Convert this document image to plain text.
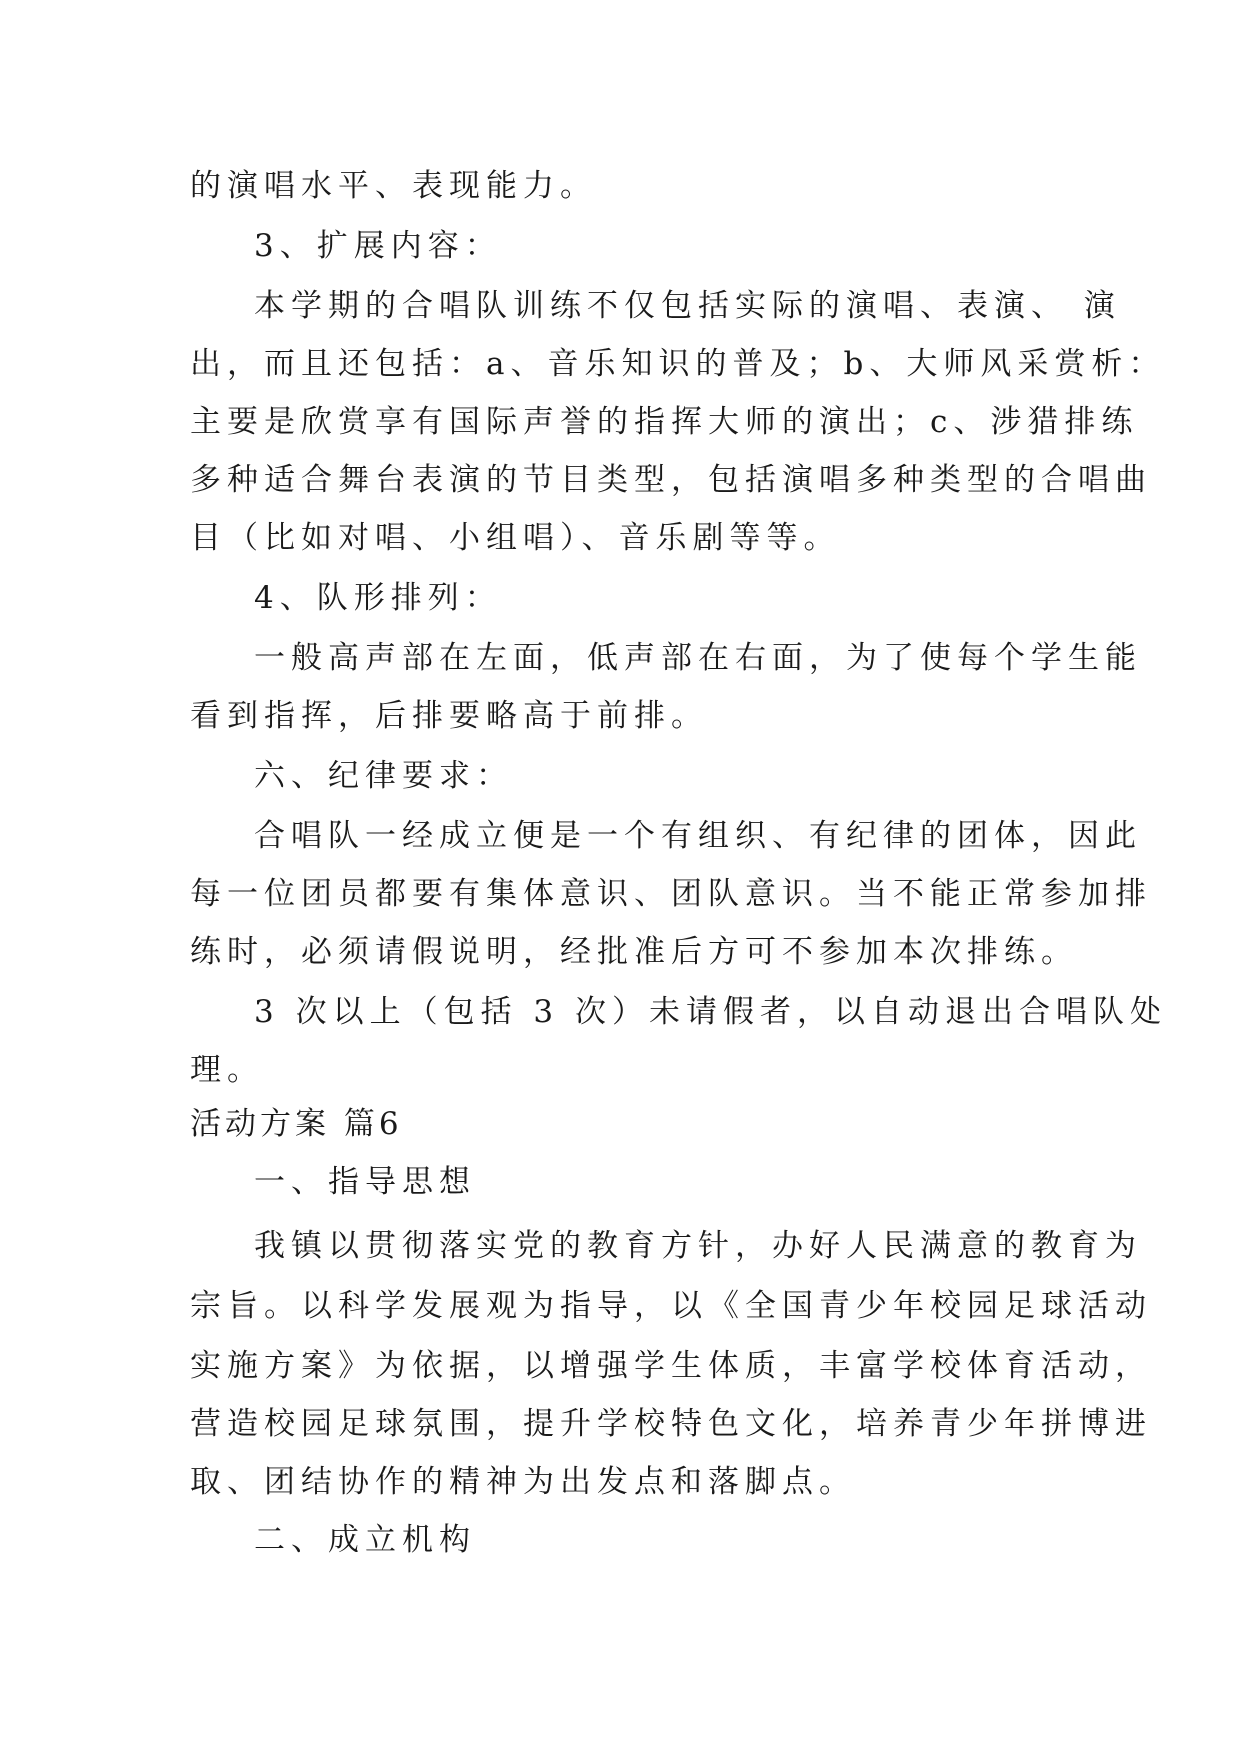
的演唱水平、表现能力。
3、扩展内容：
本学期的合唱队训练不仅包括实际的演唱、表演、 演
出，而且还包括：a、音乐知识的普及；b、大师风采赏析：
主要是欣赏享有国际声誉的指挥大师的演出；c、涉猎排练
多种适合舞台表演的节目类型，包括演唱多种类型的合唱曲
目（比如对唱、小组唱）、音乐剧等等。
4、队形排列：
一般高声部在左面，低声部在右面，为了使每个学生能
看到指挥，后排要略高于前排。
六、纪律要求：
合唱队一经成立便是一个有组织、有纪律的团体，因此
每一位团员都要有集体意识、团队意识。当不能正常参加排
练时，必须请假说明，经批准后方可不参加本次排练。
3 次以上（包括 3 次）未请假者，以自动退出合唱队处
理。
活动方案 篇6
一、指导思想
我镇以贯彻落实党的教育方针，办好人民满意的教育为
宗旨。以科学发展观为指导，以《全国青少年校园足球活动
实施方案》为依据，以增强学生体质，丰富学校体育活动，
营造校园足球氛围，提升学校特色文化，培养青少年拼博进
取、团结协作的精神为出发点和落脚点。
二、成立机构
